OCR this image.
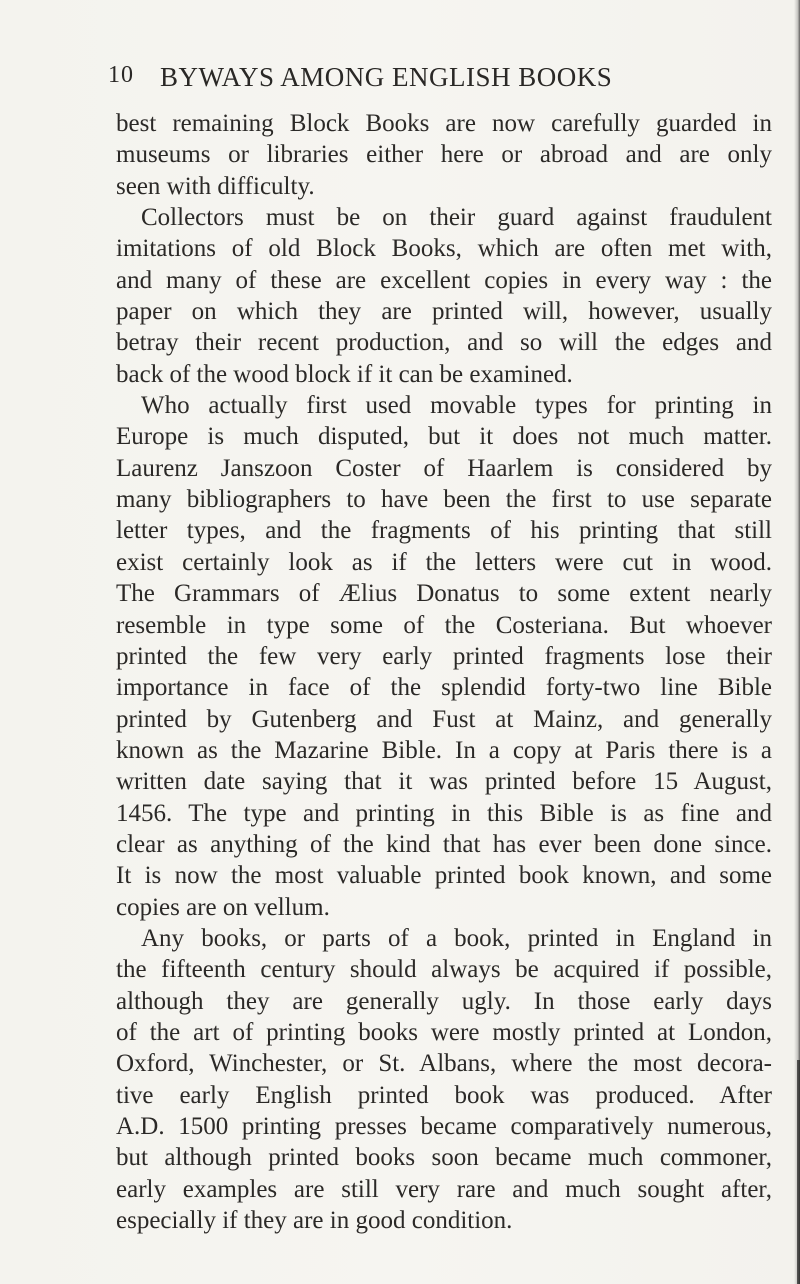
10 BYWAYS AMONG ENGLISH BOOKS
best remaining Block Books are now carefully guarded in
museums or libraries either here or abroad and are only
seen with difficulty.
Collectors must be on their guard against fraudulent
imitations of old Block Books, which are often met with,
and many of these are excellent copies in every way : the
paper on which they are printed will, however, usually
betray their recent production, and so will the edges and
back of the wood block if it can be examined.
Who actually first used movable types for printing in
Europe is much disputed, but it does not much matter.
Laurenz Janszoon Coster of Haarlem is considered by
many bibliographers to have been the first to use separate
letter types, and the fragments of his printing that still
exist certainly look as if the letters were cut in wood.
The Grammars of Ælius Donatus to some extent nearly
resemble in type some of the Costeriana. But whoever
printed the few very early printed fragments lose their
importance in face of the splendid forty-two line Bible
printed by Gutenberg and Fust at Mainz, and generally
known as the Mazarine Bible. In a copy at Paris there is a
written date saying that it was printed before 15 August,
1456. The type and printing in this Bible is as fine and
clear as anything of the kind that has ever been done since.
It is now the most valuable printed book known, and some
copies are on vellum.
Any books, or parts of a book, printed in England in
the fifteenth century should always be acquired if possible,
although they are generally ugly. In those early days
of the art of printing books were mostly printed at London,
Oxford, Winchester, or St. Albans, where the most decora-
tive early English printed book was produced. After
A.D. 1500 printing presses became comparatively numerous,
but although printed books soon became much commoner,
early examples are still very rare and much sought after,
especially if they are in good condition.
